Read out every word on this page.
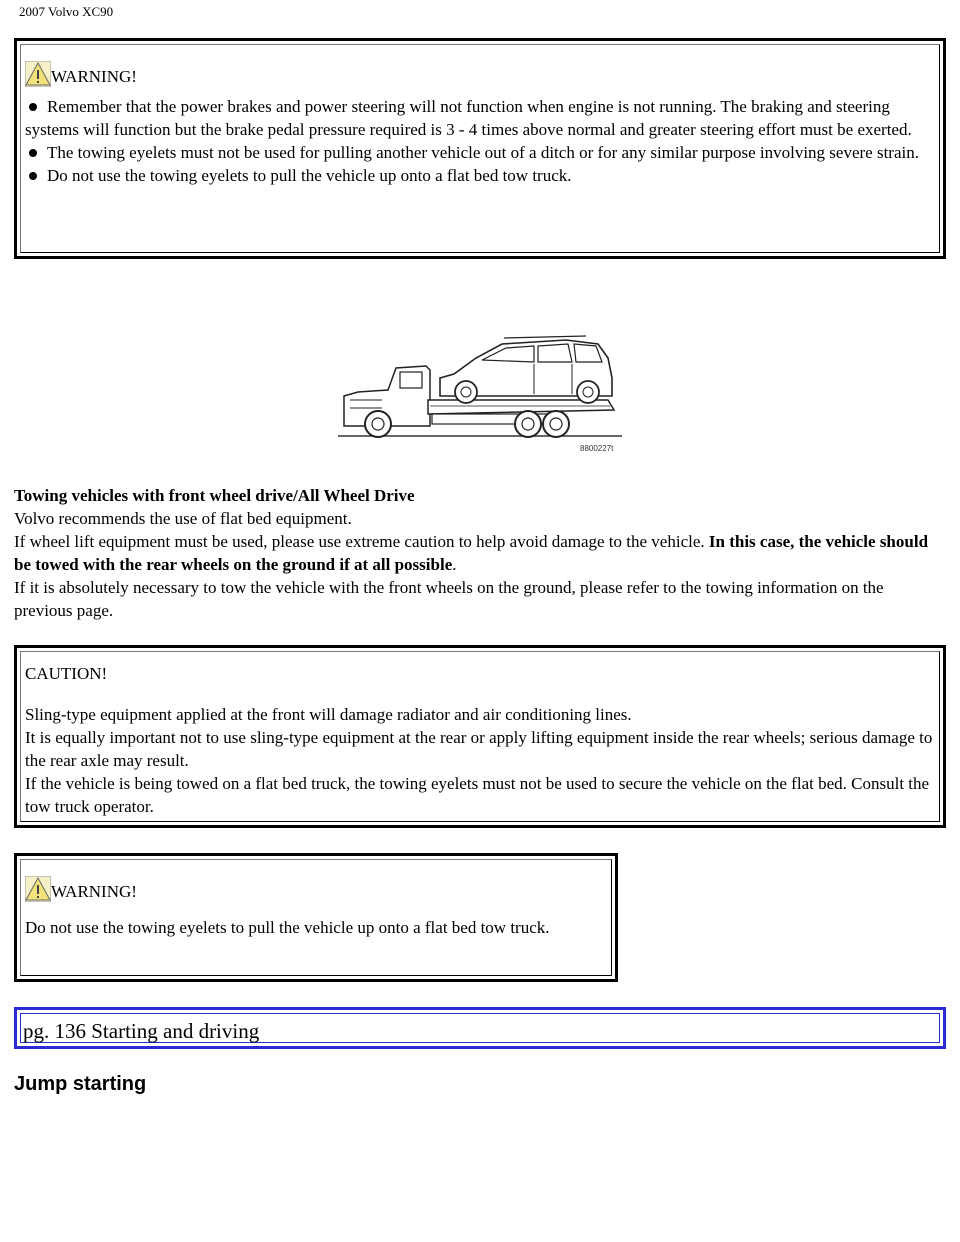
2007 Volvo XC90
WARNING!
Remember that the power brakes and power steering will not function when engine is not running. The braking and steering systems will function but the brake pedal pressure required is 3 - 4 times above normal and greater steering effort must be exerted.
The towing eyelets must not be used for pulling another vehicle out of a ditch or for any similar purpose involving severe strain.
Do not use the towing eyelets to pull the vehicle up onto a flat bed tow truck.
8800227t

Towing vehicles with front wheel drive/All Wheel Drive

Volvo recommends the use of flat bed equipment.

If wheel lift equipment must be used, please use extreme caution to help avoid damage to the vehicle. In this case, the vehicle should be towed with the rear wheels on the ground if at all possible.

If it is absolutely necessary to tow the vehicle with the front wheels on the ground, please refer to the towing information on the previous page.

CAUTION!

Sling-type equipment applied at the front will damage radiator and air conditioning lines.

It is equally important not to use sling-type equipment at the rear or apply lifting equipment inside the rear wheels; serious damage to the rear axle may result.

If the vehicle is being towed on a flat bed truck, the towing eyelets must not be used to secure the vehicle on the flat bed. Consult the tow truck operator.

WARNING!

Do not use the towing eyelets to pull the vehicle up onto a flat bed tow truck.

pg. 136 Starting and driving
Jump starting
